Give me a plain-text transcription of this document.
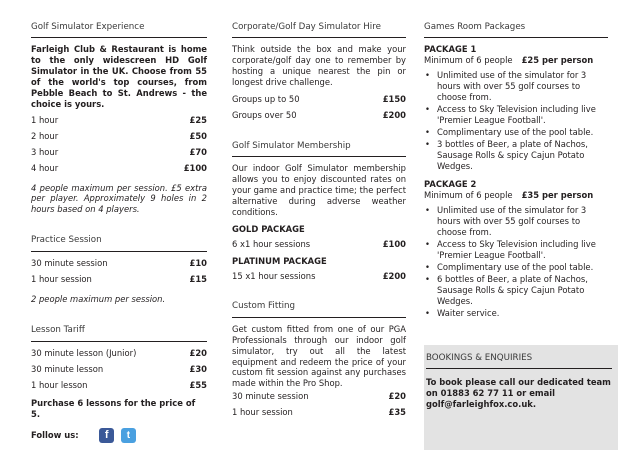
Golf Simulator Experience

Farleigh Club & Restaurant is home to the only widescreen HD Golf Simulator in the UK. Choose from 55 of the world's top courses, from Pebble Beach to St. Andrews - the choice is yours.

1 hour	£25
2 hour	£50
3 hour	£70
4 hour	£100

4 people maximum per session. £5 extra per player. Approximately 9 holes in 2 hours based on 4 players.

Practice Session
30 minute session	£10
1 hour session	£15

2 people maximum per session.

Lesson Tariff
30 minute lesson (Junior)	£20
30 minute lesson	£30
1 hour lesson	£55

Purchase 6 lessons for the price of 5.

Follow us: f t
Corporate/Golf Day Simulator Hire

Think outside the box and make your corporate/golf day one to remember by hosting a unique nearest the pin or longest drive challenge.

Groups up to 50	£150
Groups over 50	£200
Golf Simulator Membership

Our indoor Golf Simulator membership allows you to enjoy discounted rates on your game and practice time; the perfect alternative during adverse weather conditions.

GOLD PACKAGE
6 x1 hour sessions	£100
PLATINUM PACKAGE
15 x1 hour sessions	£200
Custom Fitting

Get custom fitted from one of our PGA Professionals through our indoor golf simulator, try out all the latest equipment and redeem the price of your custom fit session against any purchases made within the Pro Shop.

30 minute session	£20
1 hour session	£35
Games Room Packages
PACKAGE 1
Minimum of 6 people £25 per person
• Unlimited use of the simulator for 3 hours with over 55 golf courses to choose from.
• Access to Sky Television including live 'Premier League Football'.
• Complimentary use of the pool table.
• 3 bottles of Beer, a plate of Nachos, Sausage Rolls & spicy Cajun Potato Wedges.
PACKAGE 2
Minimum of 6 people £35 per person
• Unlimited use of the simulator for 3 hours with over 55 golf courses to choose from.
• Access to Sky Television including live 'Premier League Football'.
• Complimentary use of the pool table.
• 6 bottles of Beer, a plate of Nachos, Sausage Rolls & spicy Cajun Potato Wedges.
• Waiter service.
BOOKINGS & ENQUIRIES

To book please call our dedicated team on 01883 62 77 11 or email golf@farleighfox.co.uk.
